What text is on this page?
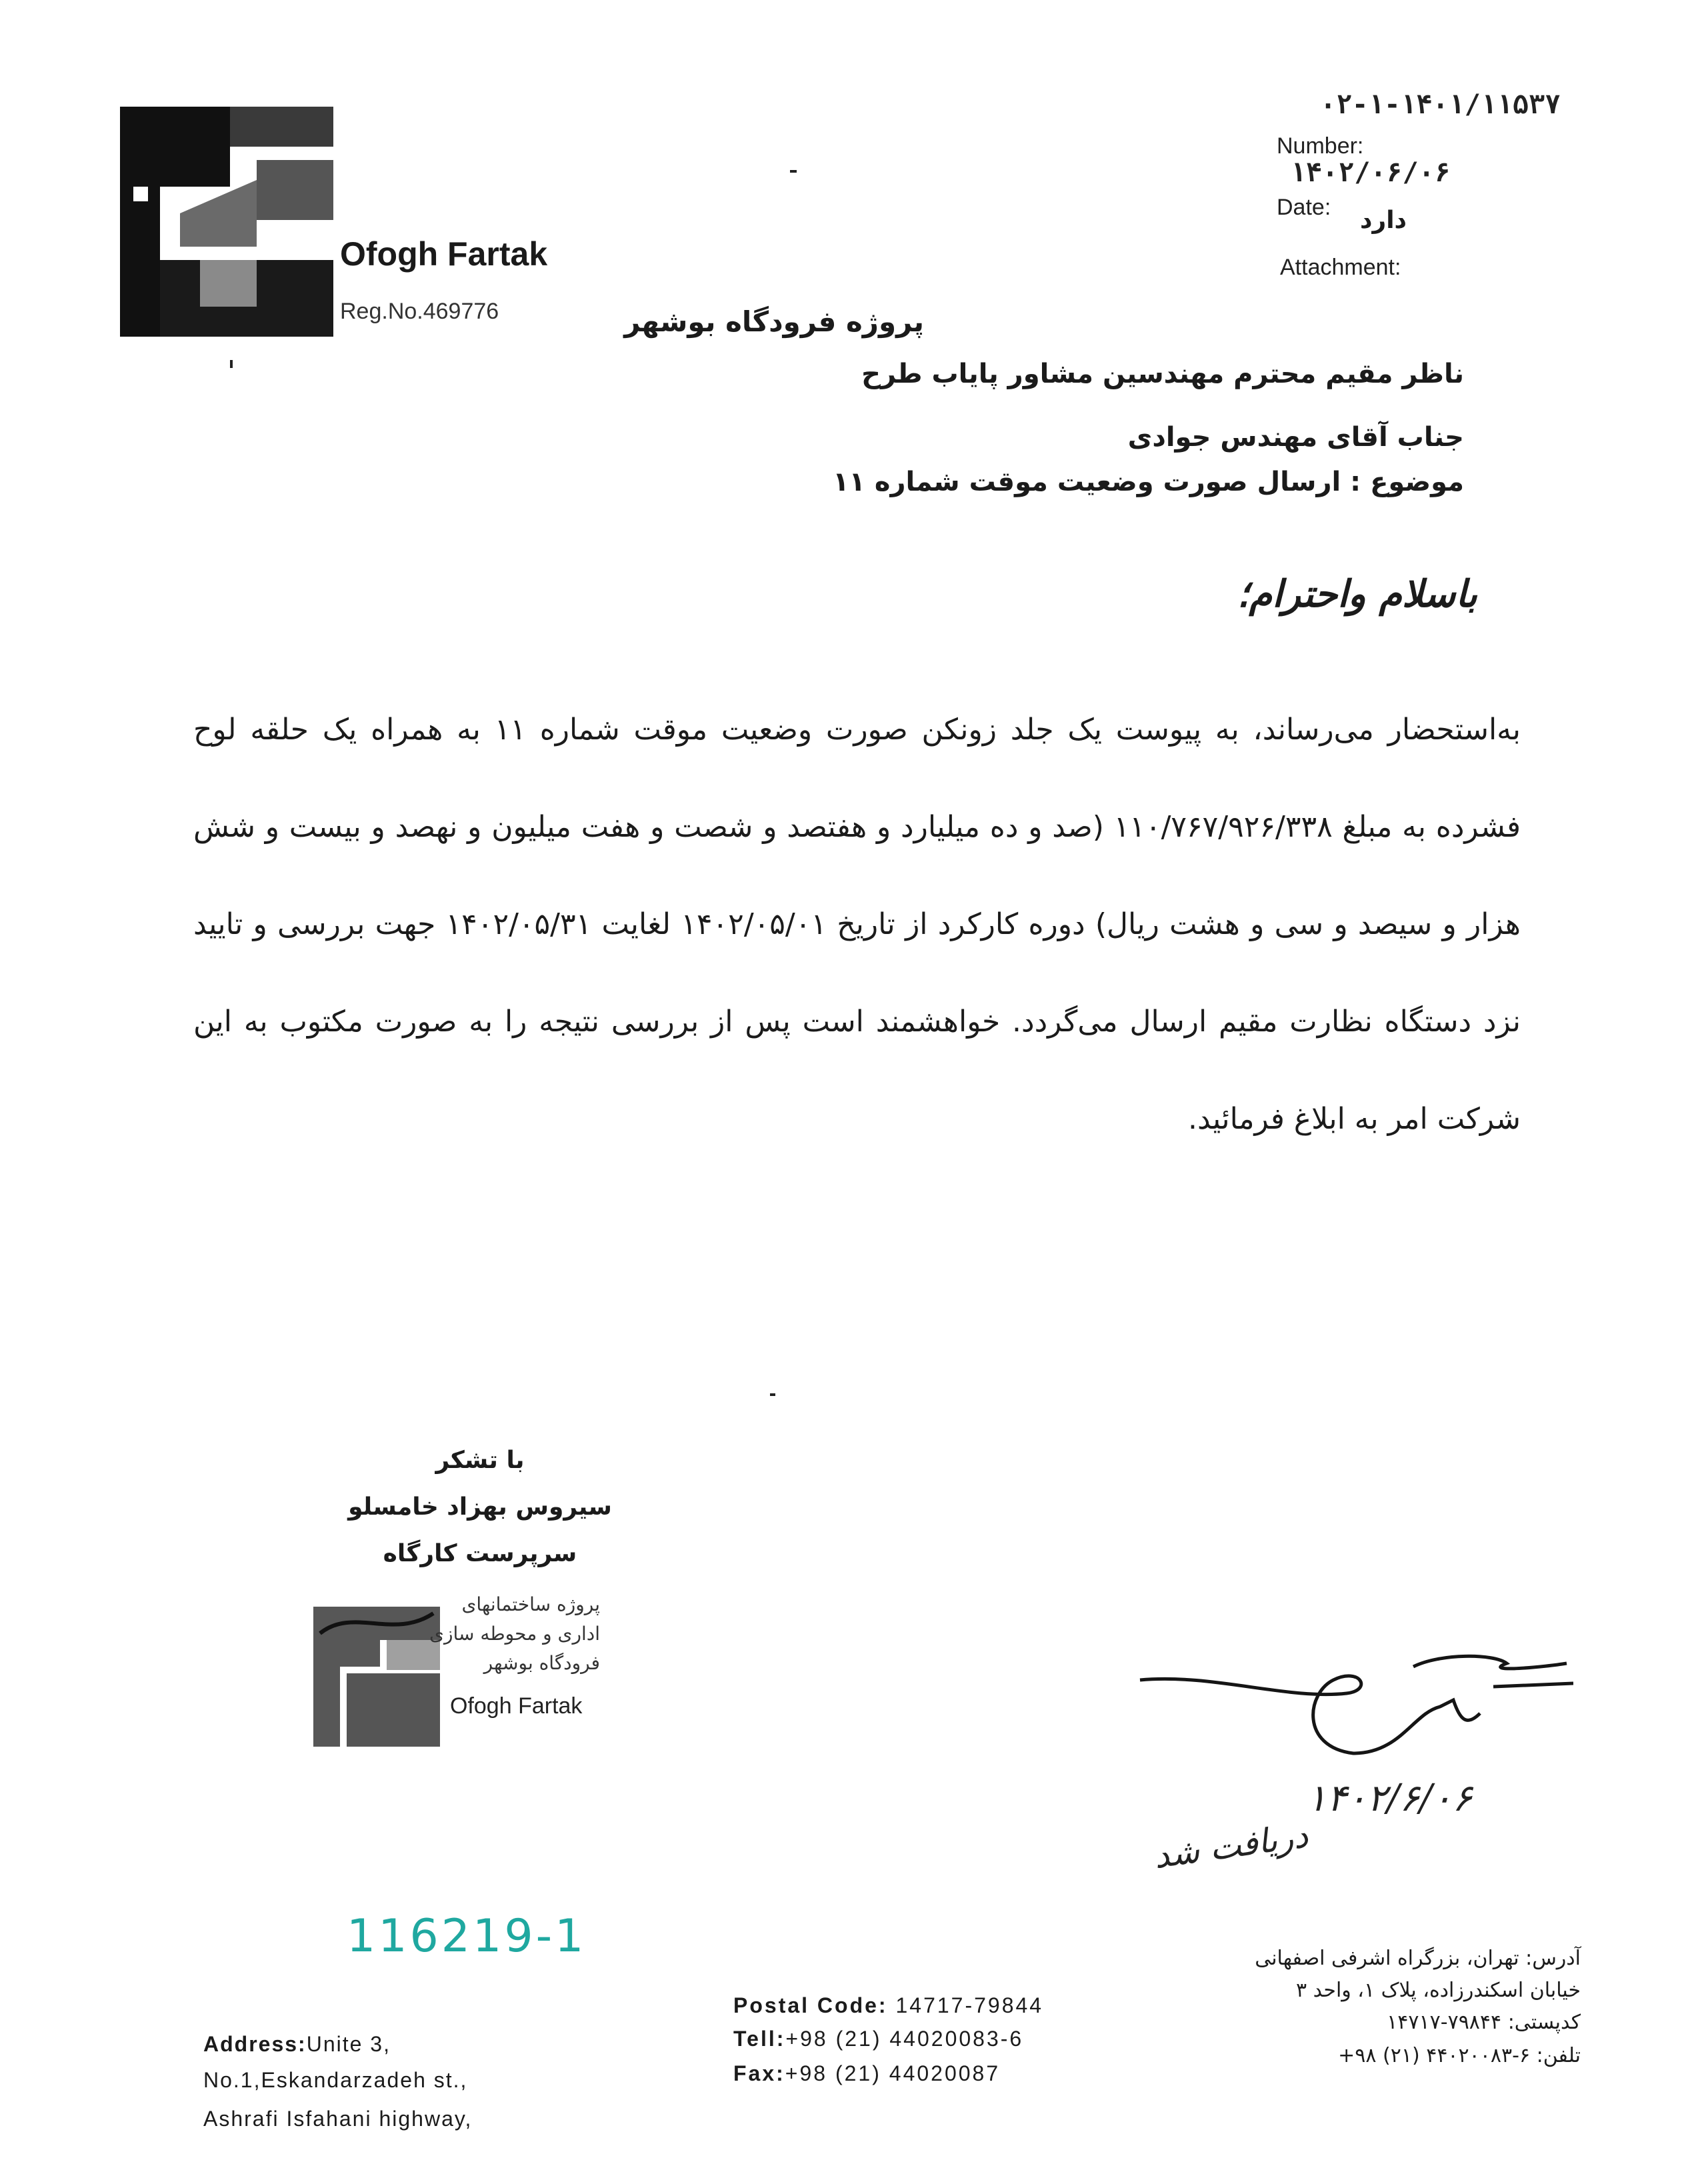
Ofogh Fartak
Reg.No.469776
۰۲-۱-۱۴۰۱/۱۱۵۳۷
Number:
۱۴۰۲/۰۶/۰۶
Date: دارد
Attachment:
پروژه فرودگاه بوشهر
ناظر مقیم محترم مهندسین مشاور پایاب طرح
جناب آقای مهندس جوادی
موضوع : ارسال صورت وضعیت موقت شماره ۱۱
باسلام واحترام؛
به‌استحضار می‌رساند، به پیوست یک جلد زونکن صورت وضعیت موقت شماره ۱۱ به همراه یک حلقه لوح فشرده به مبلغ ۱۱۰/۷۶۷/۹۲۶/۳۳۸ (صد و ده میلیارد و هفتصد و شصت و هفت میلیون و نهصد و بیست و شش هزار و سیصد و سی و هشت ریال) دوره کارکرد از تاریخ ۱۴۰۲/۰۵/۰۱ لغایت ۱۴۰۲/۰۵/۳۱ جهت بررسی و تایید نزد دستگاه نظارت مقیم ارسال می‌گردد. خواهشمند است پس از بررسی نتیجه را به صورت مکتوب به این شرکت امر به ابلاغ فرمائید.
با تشکر
سیروس بهزاد خامسلو
سرپرست کارگاه
پروژه ساختمانهای
اداری و محوطه سازی
فرودگاه بوشهر
Ofogh Fartak
۱۴۰۲/۶/۰۶
دریافت شد
116219-1
Address:Unite 3,
No.1,Eskandarzadeh st.,
Ashrafi Isfahani highway,
Postal Code: 14717-79844
Tell:+98 (21) 44020083-6
Fax:+98 (21) 44020087
آدرس: تهران، بزرگراه اشرفی اصفهانی
خیابان اسکندرزاده، پلاک ۱، واحد ۳
کدپستی: ۷۹۸۴۴-۱۴۷۱۷
تلفن: ۶-۴۴۰۲۰۰۸۳ (۲۱) ۹۸+
